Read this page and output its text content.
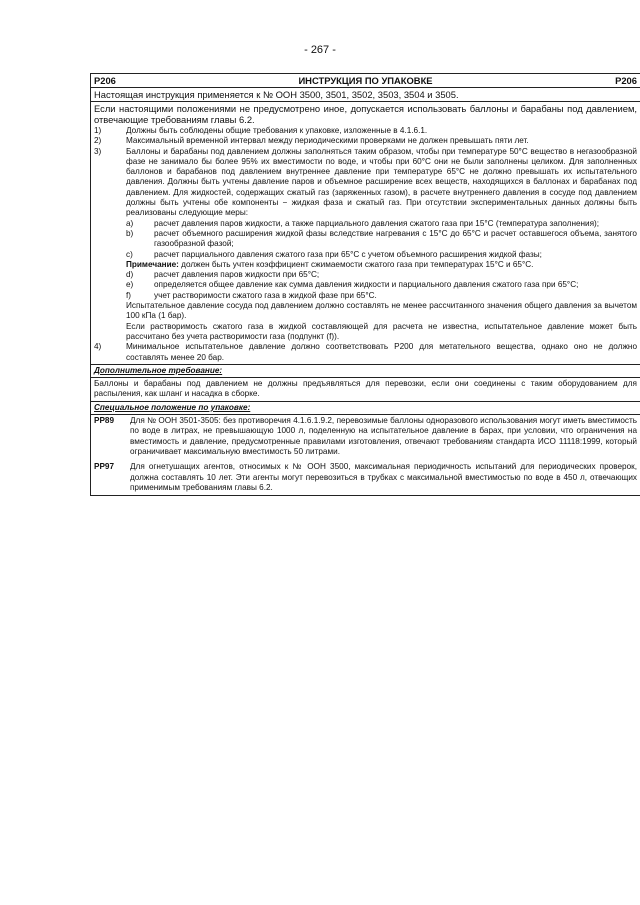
- 267 -
P206	ИНСТРУКЦИЯ ПО УПАКОВКЕ	P206
Настоящая инструкция применяется к № ООН 3500, 3501, 3502, 3503, 3504 и 3505.
Если настоящими положениями не предусмотрено иное, допускается использовать баллоны и барабаны под давлением, отвечающие требованиям главы 6.2.
1)	Должны быть соблюдены общие требования к упаковке, изложенные в 4.1.6.1.
2)	Максимальный временной интервал между периодическими проверками не должен превышать пяти лет.
3)	Баллоны и барабаны под давлением должны заполняться таким образом, чтобы при температуре 50°C вещество в негазообразной фазе не занимало бы более 95% их вместимости по воде, и чтобы при 60°C они не были заполнены целиком. Для заполненных баллонов и барабанов под давлением внутреннее давление при температуре 65°C не должно превышать их испытательного давления. Должны быть учтены давление паров и объемное расширение всех веществ, находящихся в баллонах и барабанах под давлением. Для жидкостей, содержащих сжатый газ (заряженных газом), в расчете внутреннего давления в сосуде под давлением должны быть учтены обе компоненты − жидкая фаза и сжатый газ. При отсутствии экспериментальных данных должны быть реализованы следующие меры:
a)	расчет давления паров жидкости, а также парциального давления сжатого газа при 15°C (температура заполнения);
b)	расчет объемного расширения жидкой фазы вследствие нагревания с 15°C до 65°C и расчет оставшегося объема, занятого газообразной фазой;
c)	расчет парциального давления сжатого газа при 65°C с учетом объемного расширения жидкой фазы;
Примечание: должен быть учтен коэффициент сжимаемости сжатого газа при температурах 15°C и 65°C.
d)	расчет давления паров жидкости при 65°C;
e)	определяется общее давление как сумма давления жидкости и парциального давления сжатого газа при 65°C;
f)	учет растворимости сжатого газа в жидкой фазе при 65°C.
Испытательное давление сосуда под давлением должно составлять не менее рассчитанного значения общего давления за вычетом 100 кПа (1 бар).
Если растворимость сжатого газа в жидкой составляющей для расчета не известна, испытательное давление может быть рассчитано без учета растворимости газа (подпункт (f)).
4)	Минимальное испытательное давление должно соответствовать P200 для метательного вещества, однако оно не должно составлять менее 20 бар.
Дополнительное требование:
Баллоны и барабаны под давлением не должны предъявляться для перевозки, если они соединены с таким оборудованием для распыления, как шланг и насадка в сборке.
Специальное положение по упаковке:
PP89	Для № ООН 3501-3505: без противоречия 4.1.6.1.9.2, перевозимые баллоны одноразового использования могут иметь вместимость по воде в литрах, не превышающую 1000 л, поделенную на испытательное давление в барах, при условии, что ограничения на вместимость и давление, предусмотренные правилами изготовления, отвечают требованиям стандарта ИСО 11118:1999, который ограничивает максимальную вместимость 50 литрами.
PP97	Для огнетушащих агентов, относимых к № ООН 3500, максимальная периодичность испытаний для периодических проверок, должна составлять 10 лет. Эти агенты могут перевозиться в трубках с максимальной вместимостью по воде в 450 л, отвечающих применимым требованиям главы 6.2.
